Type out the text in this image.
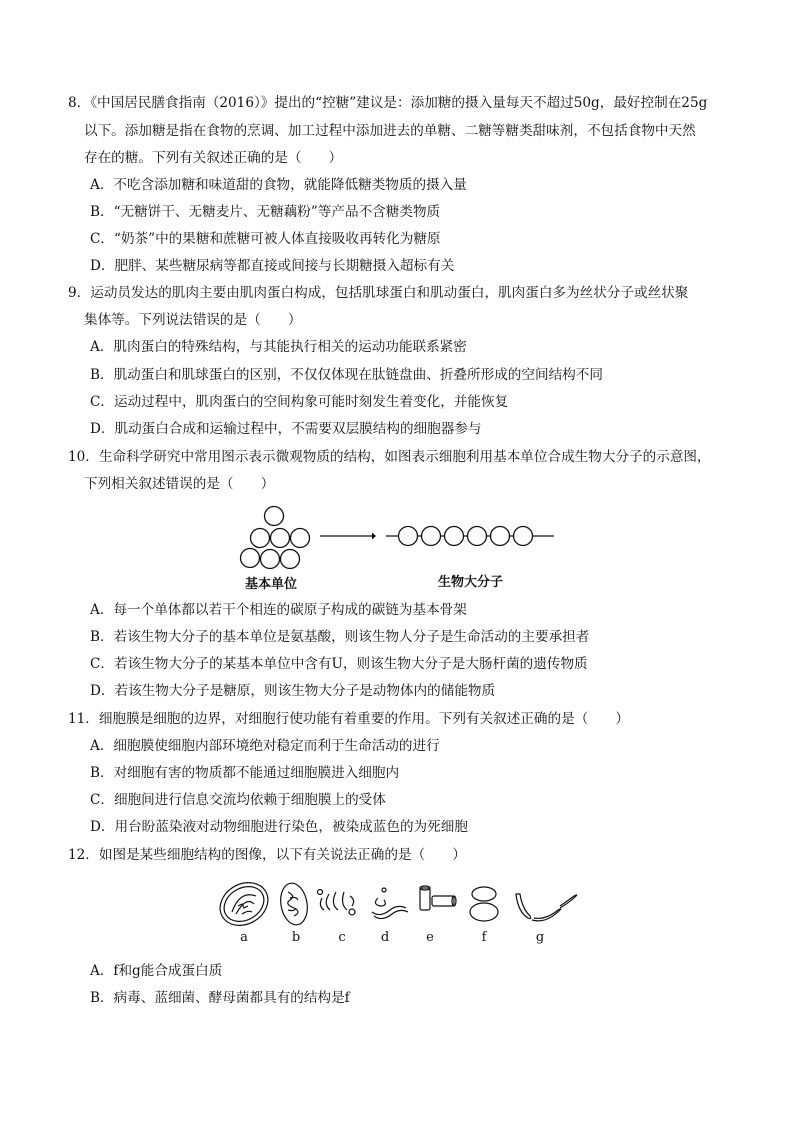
8．《中国居民膳食指南（2016）》提出的“控糖”建议是：添加糖的摄入量每天不超过50g，最好控制在25g
以下。添加糖是指在食物的烹调、加工过程中添加进去的单糖、二糖等糖类甜味剂，不包括食物中天然
存在的糖。下列有关叙述正确的是（　　）
A．不吃含添加糖和味道甜的食物，就能降低糖类物质的摄入量
B．“无糖饼干、无糖麦片、无糖藕粉”等产品不含糖类物质
C．“奶茶”中的果糖和蔗糖可被人体直接吸收再转化为糖原
D．肥胖、某些糖尿病等都直接或间接与长期糖摄入超标有关
9．运动员发达的肌肉主要由肌肉蛋白构成，包括肌球蛋白和肌动蛋白，肌肉蛋白多为丝状分子或丝状聚
集体等。下列说法错误的是（　　）
A．肌肉蛋白的特殊结构，与其能执行相关的运动功能联系紧密
B．肌动蛋白和肌球蛋白的区别，不仅仅体现在肽链盘曲、折叠所形成的空间结构不同
C．运动过程中，肌肉蛋白的空间构象可能时刻发生着变化，并能恢复
D．肌动蛋白合成和运输过程中，不需要双层膜结构的细胞器参与
10．生命科学研究中常用图示表示微观物质的结构，如图表示细胞利用基本单位合成生物大分子的示意图，
下列相关叙述错误的是（　　）
基本单位	生物大分子
A．每一个单体都以若干个相连的碳原子构成的碳链为基本骨架
B．若该生物大分子的基本单位是氨基酸，则该生物人分子是生命活动的主要承担者
C．若该生物大分子的某基本单位中含有U，则该生物大分子是大肠杆菌的遗传物质
D．若该生物大分子是糖原，则该生物大分子是动物体内的储能物质
11．细胞膜是细胞的边界，对细胞行使功能有着重要的作用。下列有关叙述正确的是（　　）
A．细胞膜使细胞内部环境绝对稳定而利于生命活动的进行
B．对细胞有害的物质都不能通过细胞膜进入细胞内
C．细胞间进行信息交流均依赖于细胞膜上的受体
D．用台盼蓝染液对动物细胞进行染色，被染成蓝色的为死细胞
12．如图是某些细胞结构的图像，以下有关说法正确的是（　　）
a	b	c	d	e	f	g
A．f和g能合成蛋白质
B．病毒、蓝细菌、酵母菌都具有的结构是f
